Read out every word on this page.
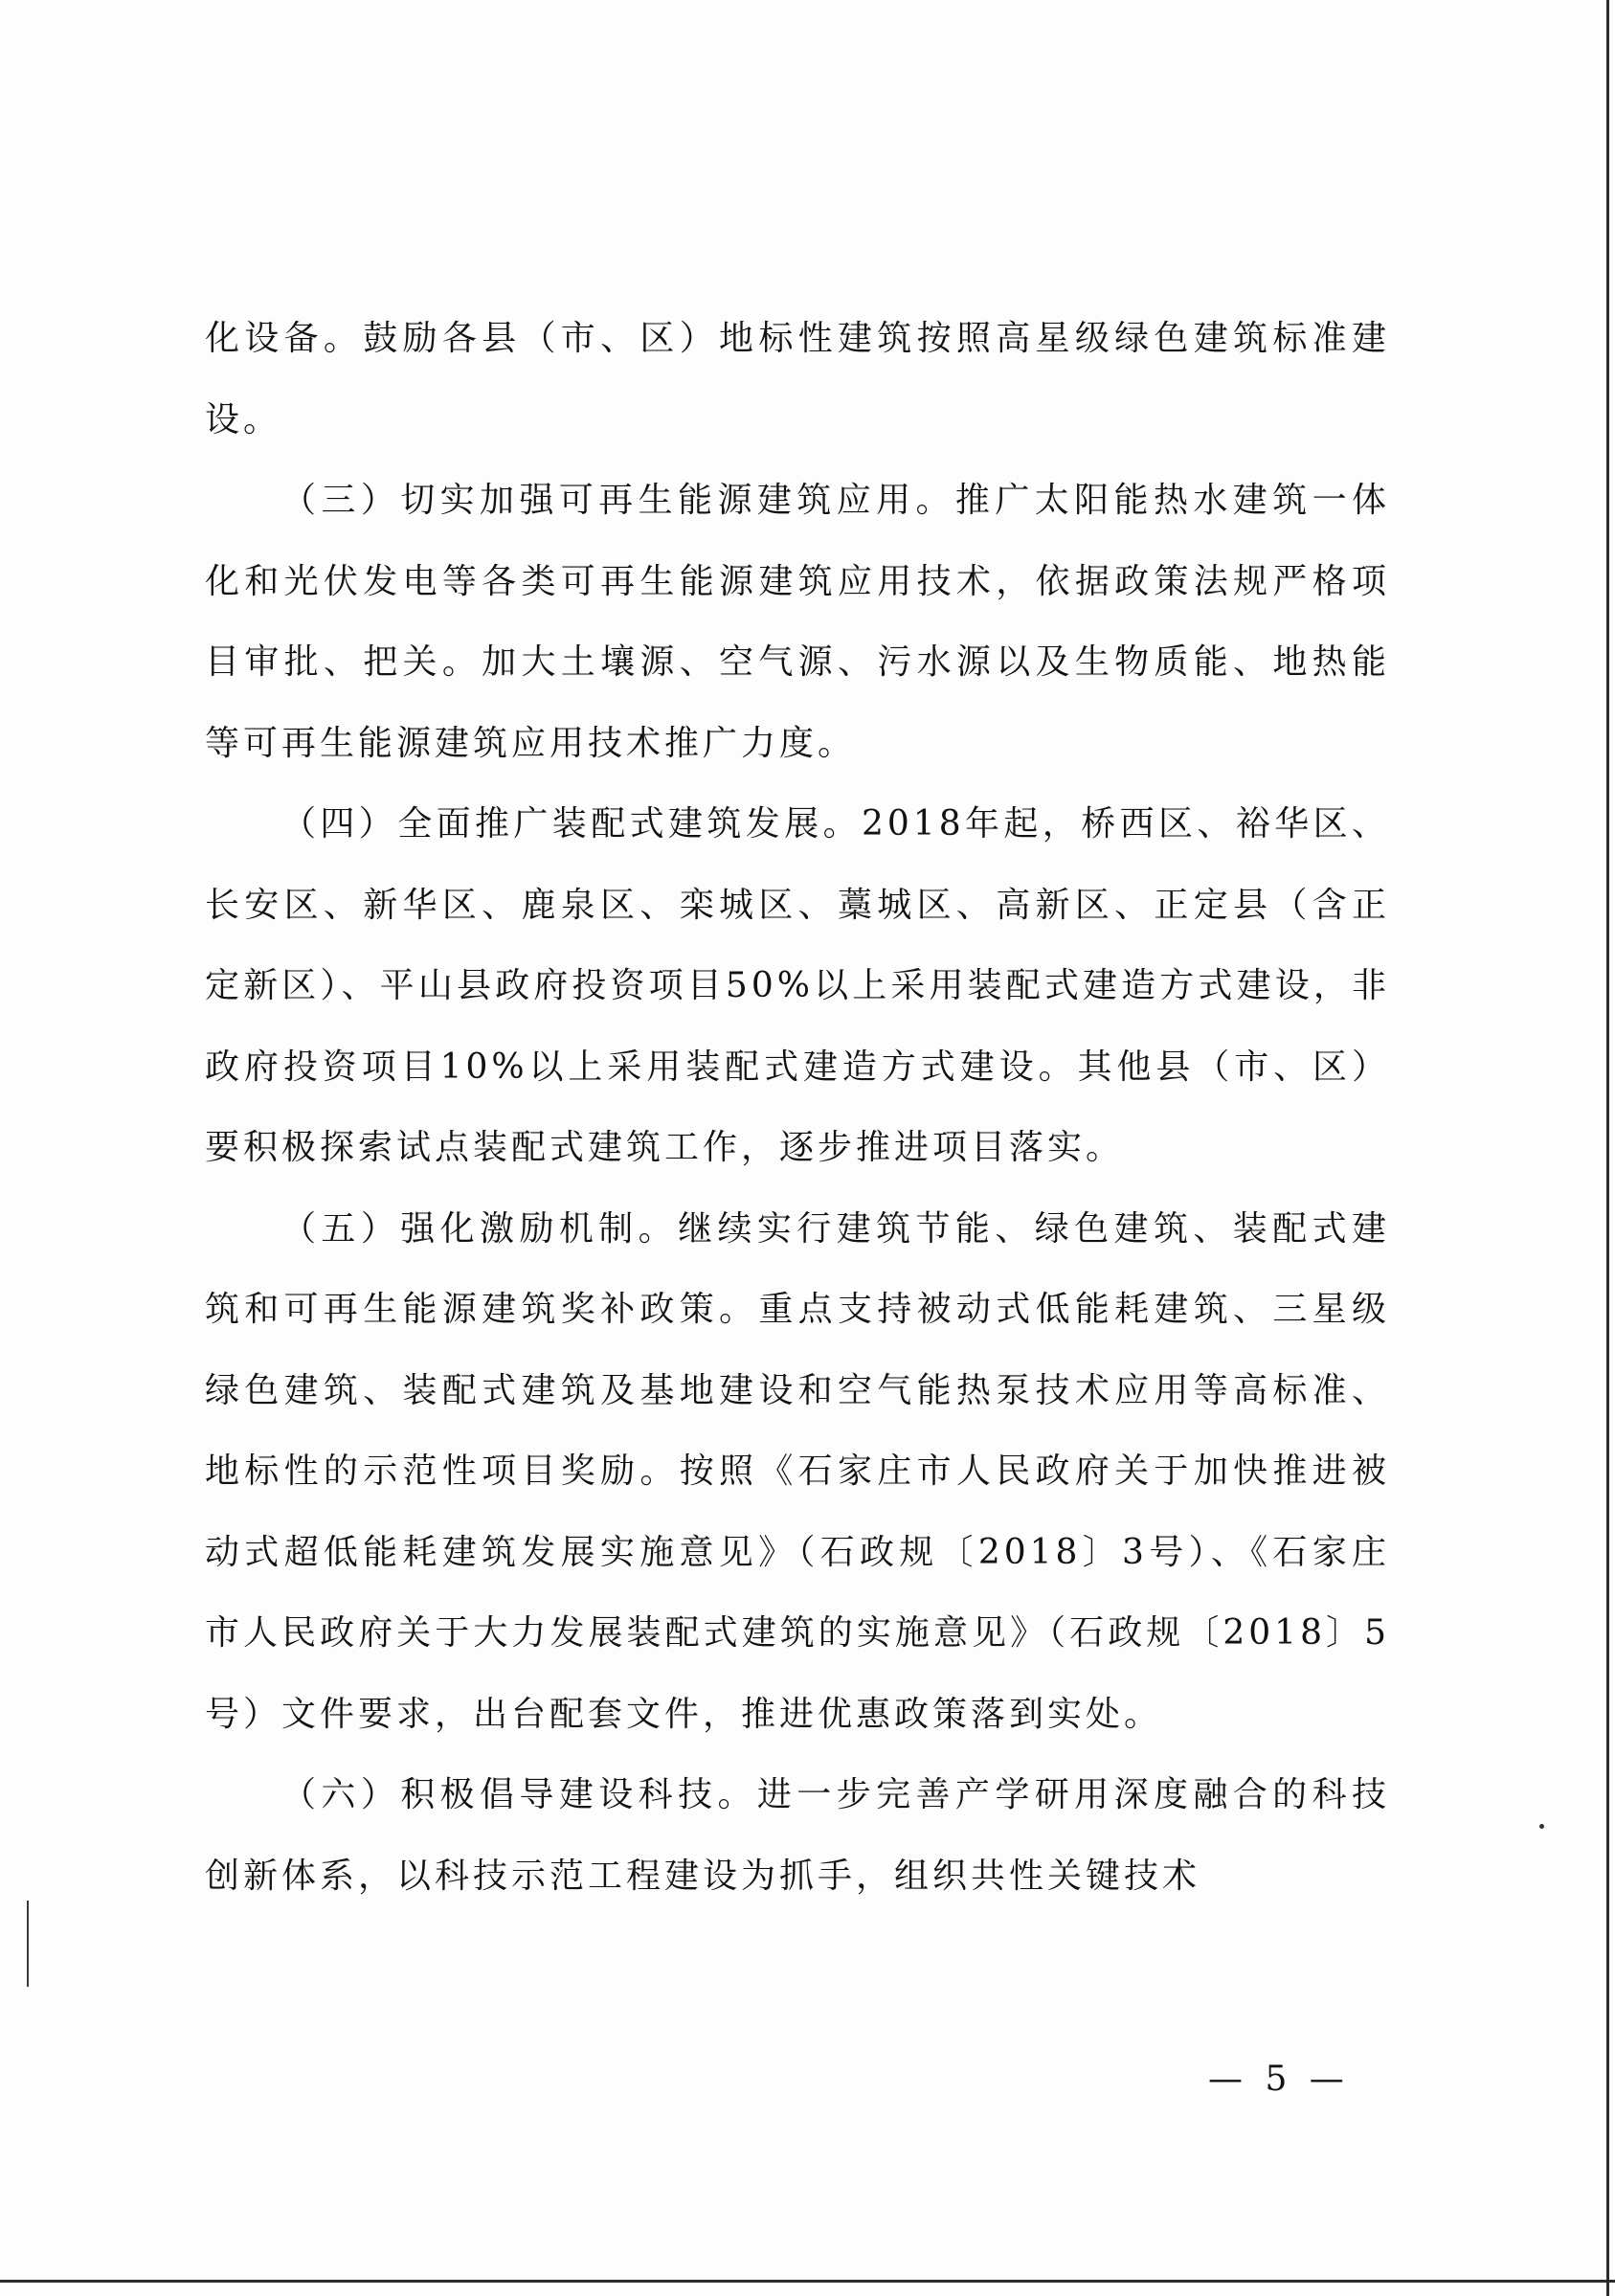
化设备。鼓励各县（市、区）地标性建筑按照高星级绿色建筑标准建设。

（三）切实加强可再生能源建筑应用。推广太阳能热水建筑一体化和光伏发电等各类可再生能源建筑应用技术，依据政策法规严格项目审批、把关。加大土壤源、空气源、污水源以及生物质能、地热能等可再生能源建筑应用技术推广力度。

（四）全面推广装配式建筑发展。2018年起，桥西区、裕华区、长安区、新华区、鹿泉区、栾城区、藁城区、高新区、正定县（含正定新区）、平山县政府投资项目50%以上采用装配式建造方式建设，非政府投资项目10%以上采用装配式建造方式建设。其他县（市、区）要积极探索试点装配式建筑工作，逐步推进项目落实。

（五）强化激励机制。继续实行建筑节能、绿色建筑、装配式建筑和可再生能源建筑奖补政策。重点支持被动式低能耗建筑、三星级绿色建筑、装配式建筑及基地建设和空气能热泵技术应用等高标准、地标性的示范性项目奖励。按照《石家庄市人民政府关于加快推进被动式超低能耗建筑发展实施意见》（石政规〔2018〕3号）、《石家庄市人民政府关于大力发展装配式建筑的实施意见》（石政规〔2018〕5号）文件要求，出台配套文件，推进优惠政策落到实处。

（六）积极倡导建设科技。进一步完善产学研用深度融合的科技创新体系，以科技示范工程建设为抓手，组织共性关键技术

— 5 —
